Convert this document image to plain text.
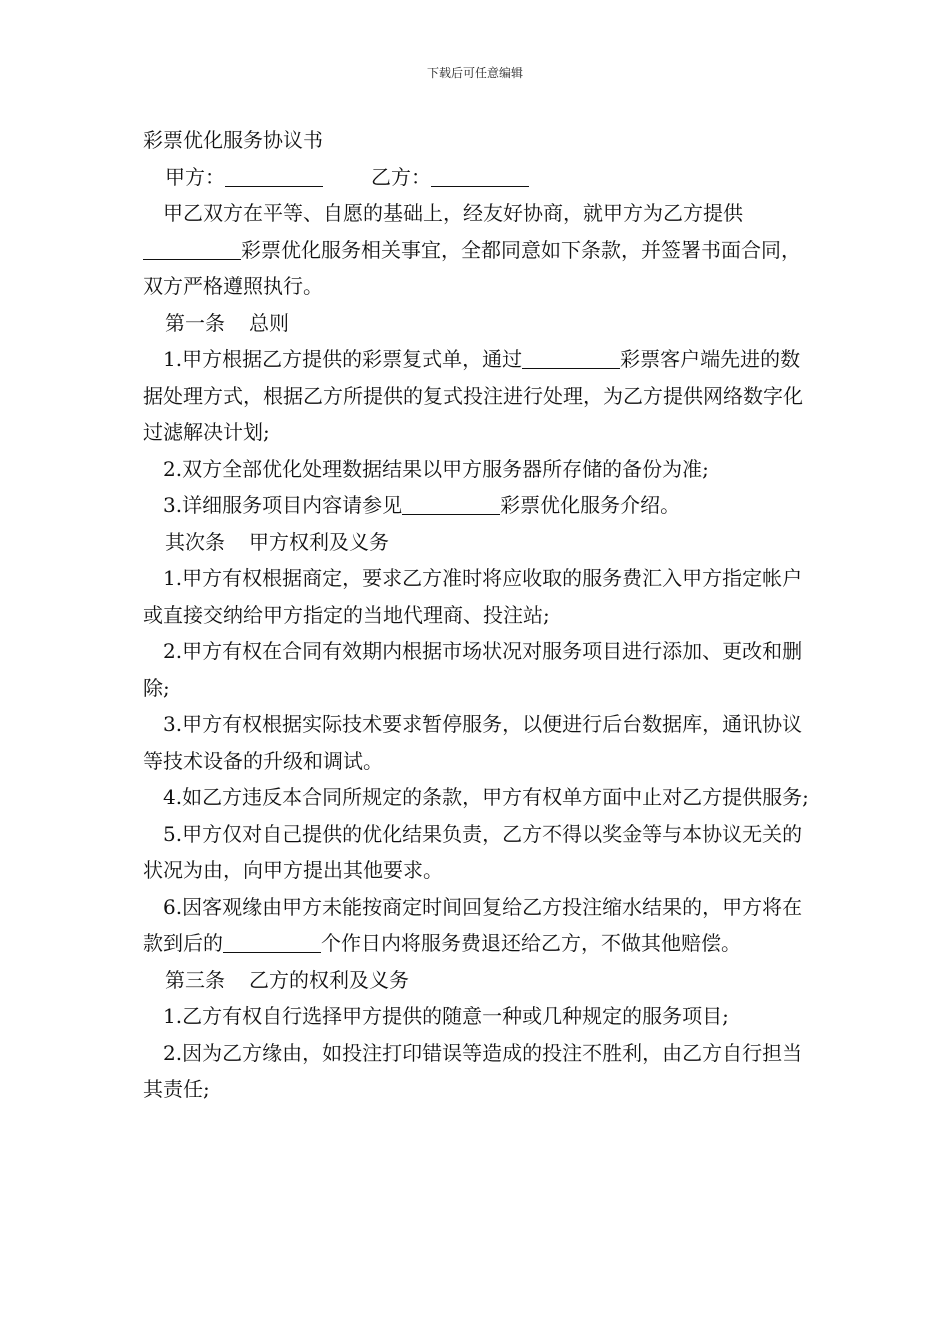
下载后可任意编辑

彩票优化服务协议书

甲方：	乙方：

甲乙双方在平等、自愿的基础上，经友好协商，就甲方为乙方提供彩票优化服务相关事宜，全都同意如下条款，并签署书面合同，双方严格遵照执行。

第一条 总则

1.甲方根据乙方提供的彩票复式单，通过	彩票客户端先进的数据处理方式，根据乙方所提供的复式投注进行处理，为乙方提供网络数字化过滤解决计划;

2.双方全部优化处理数据结果以甲方服务器所存储的备份为准;

3.详细服务项目内容请参见	彩票优化服务介绍。

其次条 甲方权利及义务

1.甲方有权根据商定，要求乙方准时将应收取的服务费汇入甲方指定帐户或直接交纳给甲方指定的当地代理商、投注站;

2.甲方有权在合同有效期内根据市场状况对服务项目进行添加、更改和删除;

3.甲方有权根据实际技术要求暂停服务，以便进行后台数据库，通讯协议等技术设备的升级和调试。

4.如乙方违反本合同所规定的条款，甲方有权单方面中止对乙方提供服务;

5.甲方仅对自己提供的优化结果负责，乙方不得以奖金等与本协议无关的状况为由，向甲方提出其他要求。

6.因客观缘由甲方未能按商定时间回复给乙方投注缩水结果的，甲方将在款到后的	个作日内将服务费退还给乙方，不做其他赔偿。

第三条 乙方的权利及义务

1.乙方有权自行选择甲方提供的随意一种或几种规定的服务项目;

2.因为乙方缘由，如投注打印错误等造成的投注不胜利，由乙方自行担当其责任;
